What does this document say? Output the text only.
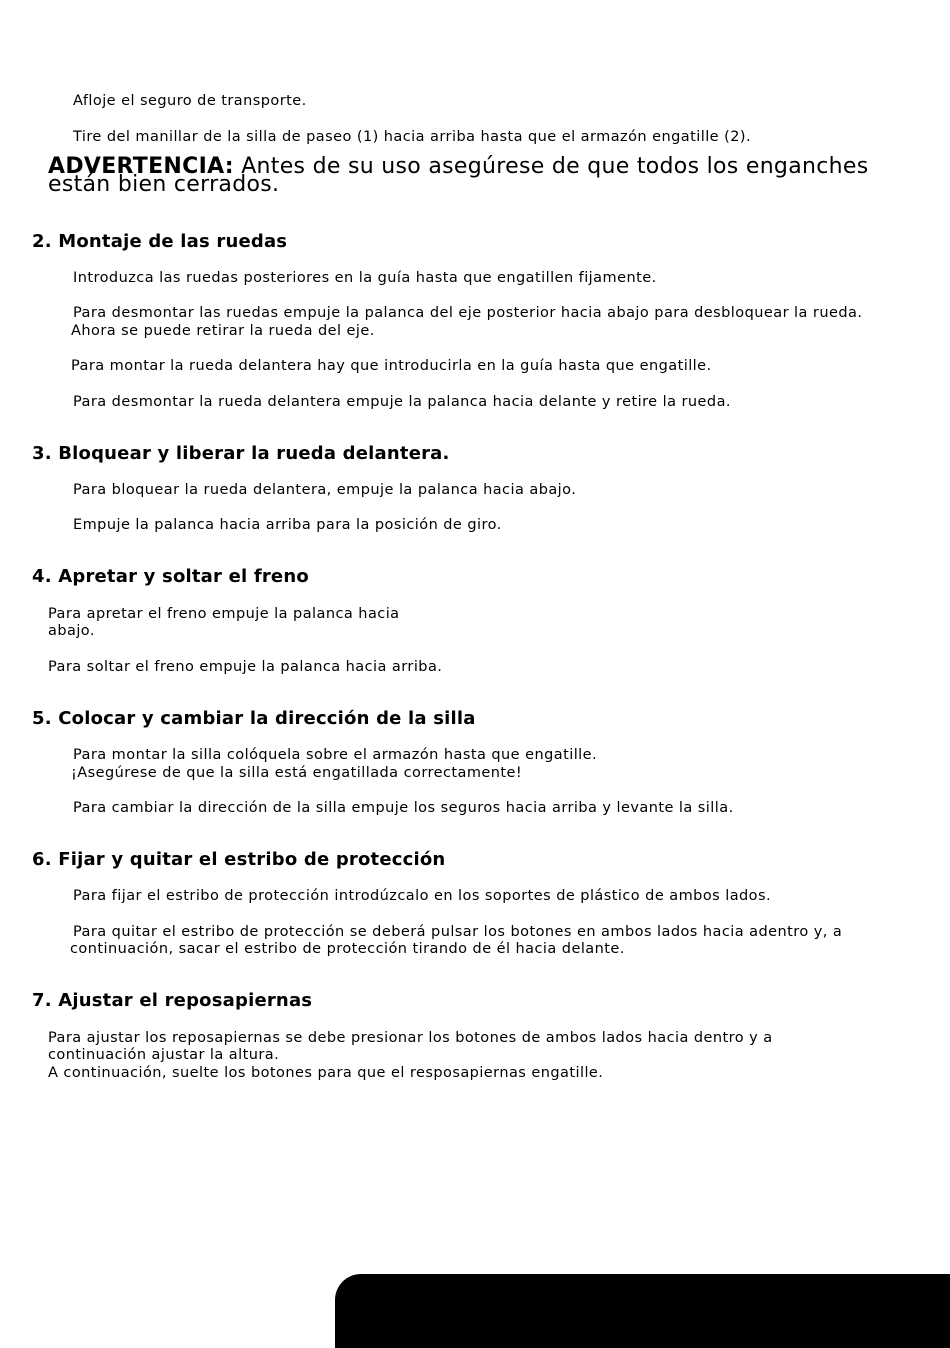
Afloje el seguro de transporte.

Tire del manillar de la silla de paseo (1) hacia arriba hasta que el armazón engatille (2).

ADVERTENCIA: Antes de su uso asegúrese de que todos los enganches están bien cerrados.

2. Montaje de las ruedas

Introduzca las ruedas posteriores en la guía hasta que engatillen fijamente.

Para desmontar las ruedas empuje la palanca del eje posterior hacia abajo para desbloquear la rueda.

Ahora se puede retirar la rueda del eje.

Para montar la rueda delantera hay que introducirla en la guía hasta que engatille.

Para desmontar la rueda delantera empuje la palanca hacia delante y retire la rueda.

3. Bloquear y liberar la rueda delantera.

Para bloquear la rueda delantera, empuje la palanca hacia abajo.

Empuje la palanca hacia arriba para la posición de giro.

4. Apretar y soltar el freno

Para apretar el freno empuje la palanca hacia

abajo.

Para soltar el freno empuje la palanca hacia arriba.

5. Colocar y cambiar la dirección de la silla

Para montar la silla colóquela sobre el armazón hasta que engatille.

¡Asegúrese de que la silla está engatillada correctamente!

Para cambiar la dirección de la silla empuje los seguros hacia arriba y levante la silla.

6. Fijar y quitar el estribo de protección

Para fijar el estribo de protección introdúzcalo en los soportes de plástico de ambos lados.

Para quitar el estribo de protección se deberá pulsar los botones en ambos lados hacia adentro y, a

continuación, sacar el estribo de protección tirando de él hacia delante.

7. Ajustar el reposapiernas

Para ajustar los reposapiernas se debe presionar los botones de ambos lados hacia dentro y a

continuación ajustar la altura.

A continuación, suelte los botones para que el resposapiernas engatille.
